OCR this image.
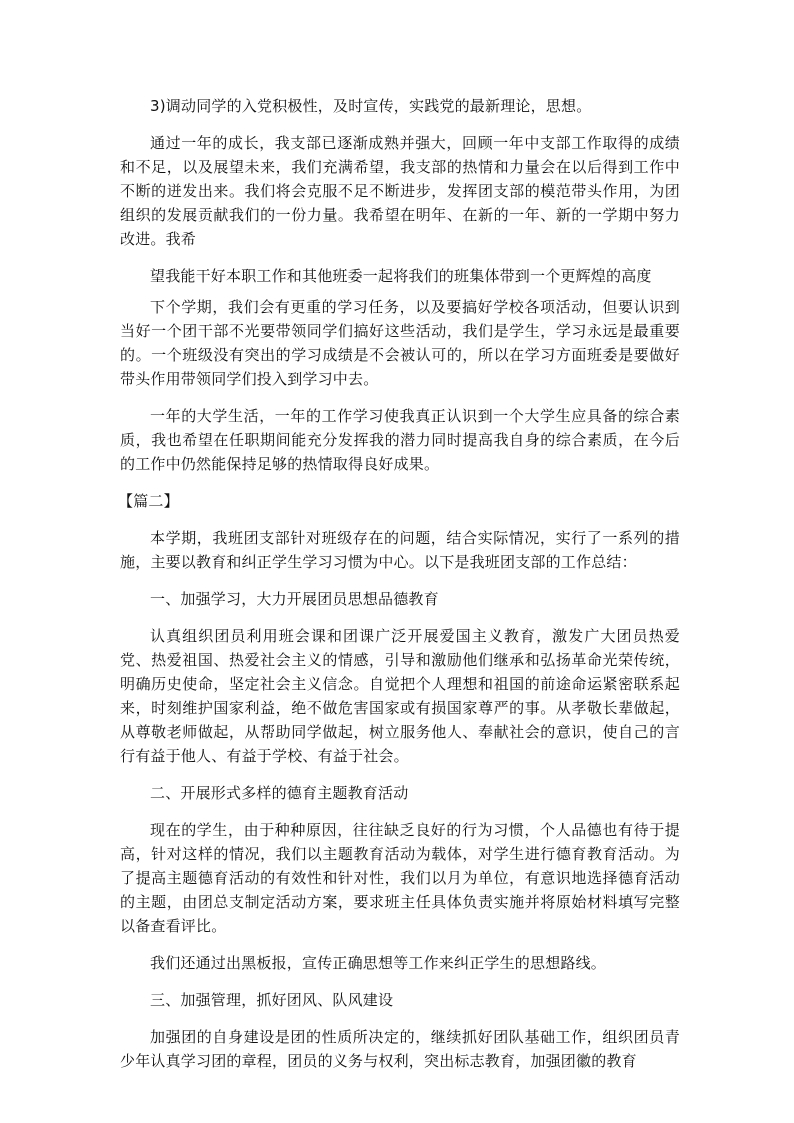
3)调动同学的入党积极性，及时宣传，实践党的最新理论，思想。

通过一年的成长，我支部已逐渐成熟并强大，回顾一年中支部工作取得的成绩和不足，以及展望未来，我们充满希望，我支部的热情和力量会在以后得到工作中不断的迸发出来。我们将会克服不足不断进步，发挥团支部的模范带头作用，为团组织的发展贡献我们的一份力量。我希望在明年、在新的一年、新的一学期中努力改进。我希

望我能干好本职工作和其他班委一起将我们的班集体带到一个更辉煌的高度

下个学期，我们会有更重的学习任务，以及要搞好学校各项活动，但要认识到当好一个团干部不光要带领同学们搞好这些活动，我们是学生，学习永远是最重要的。一个班级没有突出的学习成绩是不会被认可的，所以在学习方面班委是要做好带头作用带领同学们投入到学习中去。

一年的大学生活，一年的工作学习使我真正认识到一个大学生应具备的综合素质，我也希望在任职期间能充分发挥我的潜力同时提高我自身的综合素质，在今后的工作中仍然能保持足够的热情取得良好成果。

【篇二】

本学期，我班团支部针对班级存在的问题，结合实际情况，实行了一系列的措施，主要以教育和纠正学生学习习惯为中心。以下是我班团支部的工作总结：

一、加强学习，大力开展团员思想品德教育

认真组织团员利用班会课和团课广泛开展爱国主义教育，激发广大团员热爱党、热爱祖国、热爱社会主义的情感，引导和激励他们继承和弘扬革命光荣传统，明确历史使命，坚定社会主义信念。自觉把个人理想和祖国的前途命运紧密联系起来，时刻维护国家利益，绝不做危害国家或有损国家尊严的事。从孝敬长辈做起，从尊敬老师做起，从帮助同学做起，树立服务他人、奉献社会的意识，使自己的言行有益于他人、有益于学校、有益于社会。

二、开展形式多样的德育主题教育活动

现在的学生，由于种种原因，往往缺乏良好的行为习惯，个人品德也有待于提高，针对这样的情况，我们以主题教育活动为载体，对学生进行德育教育活动。为了提高主题德育活动的有效性和针对性，我们以月为单位，有意识地选择德育活动的主题，由团总支制定活动方案，要求班主任具体负责实施并将原始材料填写完整以备查看评比。

我们还通过出黑板报，宣传正确思想等工作来纠正学生的思想路线。

三、加强管理，抓好团风、队风建设

加强团的自身建设是团的性质所决定的，继续抓好团队基础工作，组织团员青少年认真学习团的章程，团员的义务与权利，突出标志教育，加强团徽的教育
